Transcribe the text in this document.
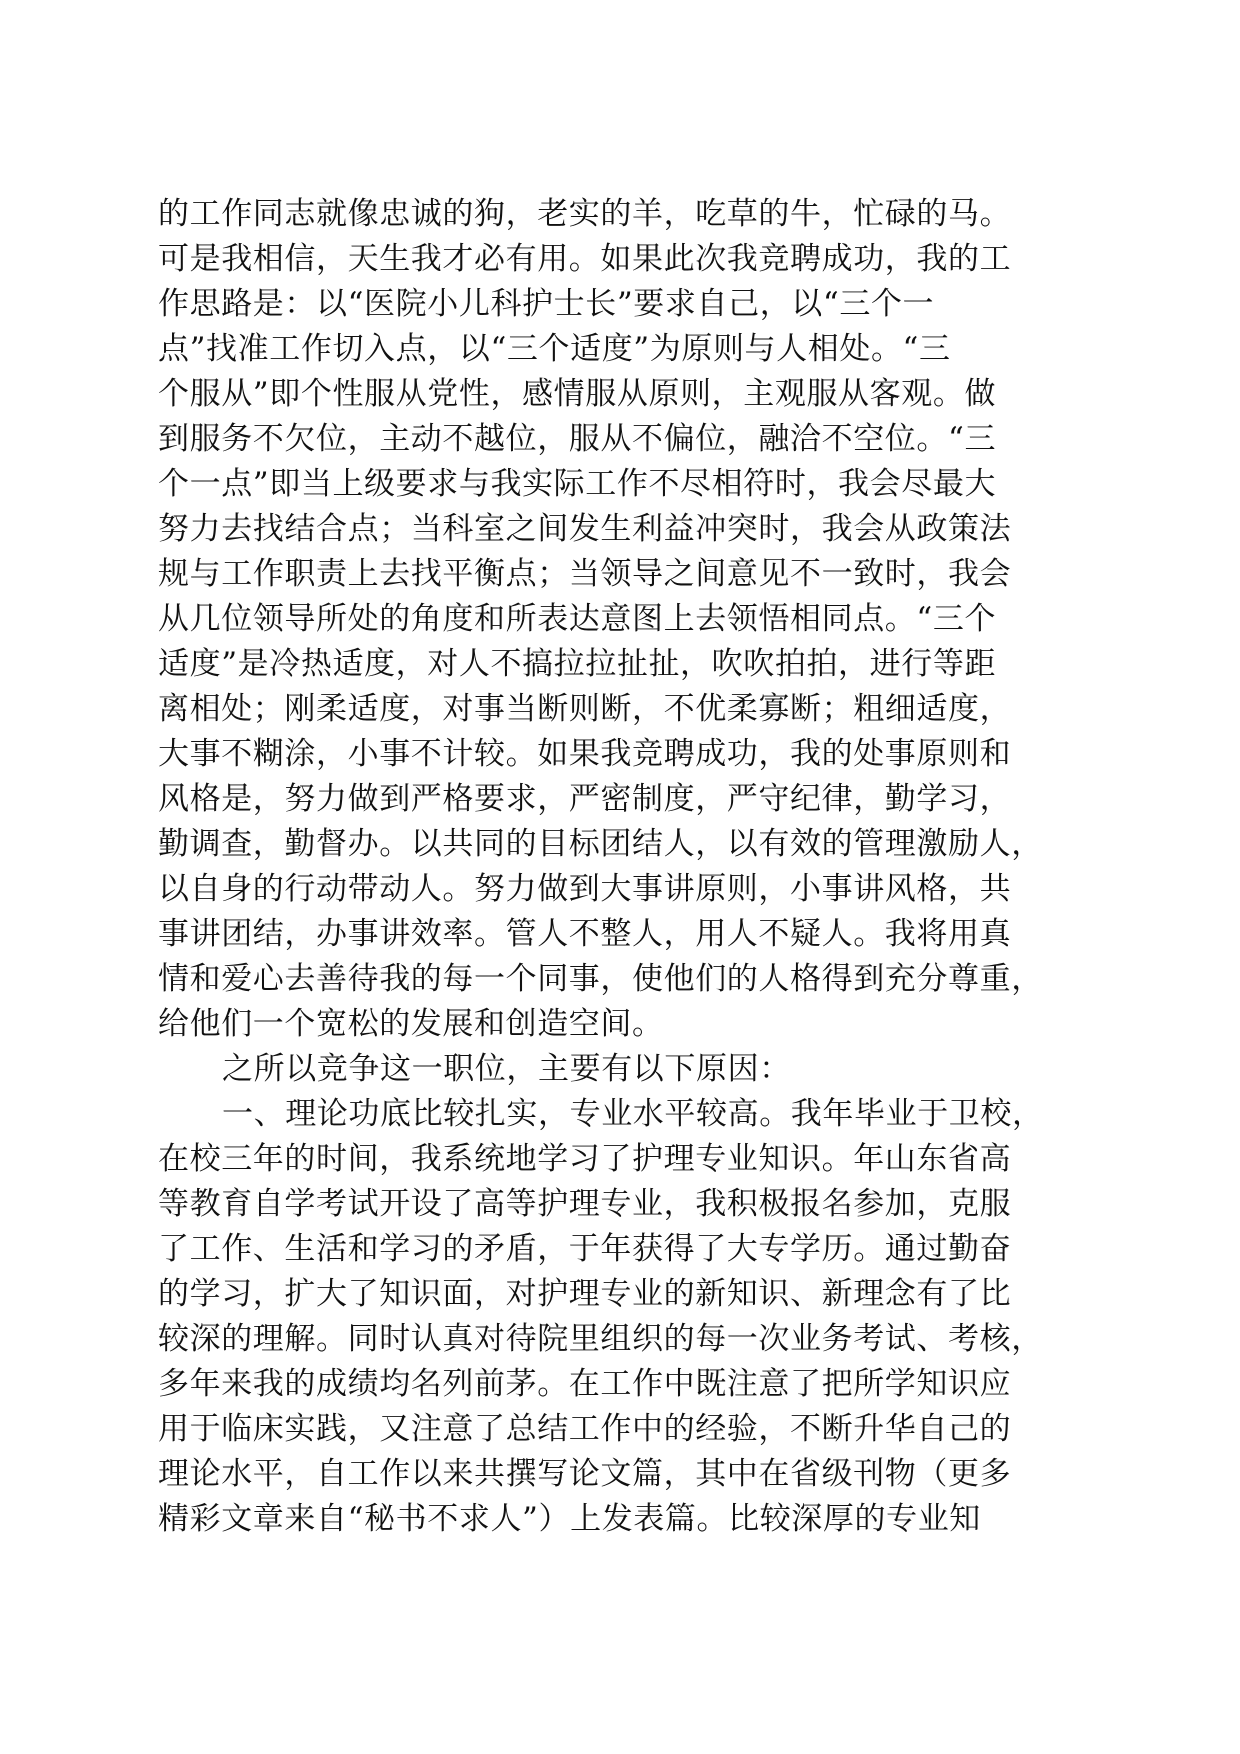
的工作同志就像忠诚的狗，老实的羊，吃草的牛，忙碌的马。
可是我相信，天生我才必有用。如果此次我竞聘成功，我的工
作思路是：以“医院小儿科护士长”要求自己，以“三个一
点”找准工作切入点，以“三个适度”为原则与人相处。“三
个服从”即个性服从党性，感情服从原则，主观服从客观。做
到服务不欠位，主动不越位，服从不偏位，融洽不空位。“三
个一点”即当上级要求与我实际工作不尽相符时，我会尽最大
努力去找结合点；当科室之间发生利益冲突时，我会从政策法
规与工作职责上去找平衡点；当领导之间意见不一致时，我会
从几位领导所处的角度和所表达意图上去领悟相同点。“三个
适度”是冷热适度，对人不搞拉拉扯扯，吹吹拍拍，进行等距
离相处；刚柔适度，对事当断则断，不优柔寡断；粗细适度，
大事不糊涂，小事不计较。如果我竞聘成功，我的处事原则和
风格是，努力做到严格要求，严密制度，严守纪律，勤学习，
勤调查，勤督办。以共同的目标团结人，以有效的管理激励人，
以自身的行动带动人。努力做到大事讲原则，小事讲风格，共
事讲团结，办事讲效率。管人不整人，用人不疑人。我将用真
情和爱心去善待我的每一个同事，使他们的人格得到充分尊重，
给他们一个宽松的发展和创造空间。
之所以竞争这一职位，主要有以下原因：
一、理论功底比较扎实，专业水平较高。我年毕业于卫校，
在校三年的时间，我系统地学习了护理专业知识。年山东省高
等教育自学考试开设了高等护理专业，我积极报名参加，克服
了工作、生活和学习的矛盾，于年获得了大专学历。通过勤奋
的学习，扩大了知识面，对护理专业的新知识、新理念有了比
较深的理解。同时认真对待院里组织的每一次业务考试、考核，
多年来我的成绩均名列前茅。在工作中既注意了把所学知识应
用于临床实践，又注意了总结工作中的经验，不断升华自己的
理论水平，自工作以来共撰写论文篇，其中在省级刊物（更多
精彩文章来自“秘书不求人”）上发表篇。比较深厚的专业知
